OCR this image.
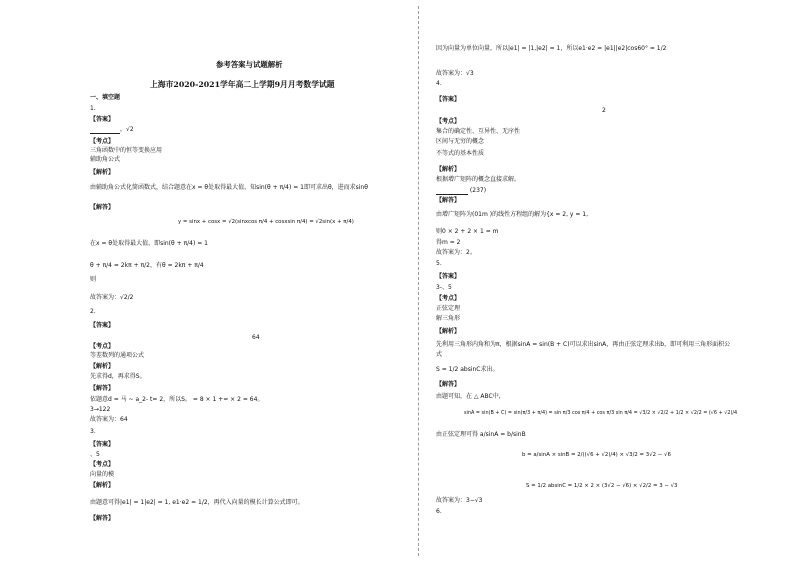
参考答案与试题解析
上海市2020-2021学年高二上学期9月月考数学试题
一、填空题
1.
【答案】
，√2
【考点】
三角函数中的恒等变换应用
辅助角公式
【解析】
由辅助角公式化简函数式，结合题意在x = θ处取得最大值，知sin(θ + π/4) = 1即可求出θ，进而求sinθ
【解答】
y = sinx + cosx = √2(sinxcos π/4 + cosxsin π/4) = √2sin(x + π/4)
在x = θ处取得最大值，即sin(θ + π/4) = 1
θ + π/4 = 2kπ + π/2，有θ = 2kπ + π/4
则
故答案为：√2/2
2.
【答案】
64
【考点】
等差数列的通项公式
【解析】
先求得d，再求得S。
【解答】
依题意d = 马 ~ a_2- t= 2，所以S。 = 8 × 1 += × 2 = 64。
3→122
故答案为：64
3.
【答案】
、5
【考点】
向量的模
【解析】
由题意可得|e1| = 1|e2| = 1, e1·e2 = 1/2，再代入向量的模长计算公式即可。
【解答】
因为向量为单位向量，所以|e1| = |1,|e2| = 1，所以e1·e2 = |e1||e2|cos60° = 1/2
故答案为：√3
4.
【答案】
2
【考点】
集合的确定性、互异性、无序性
区间与无穷的概念
不等式的基本性质
【解析】
根据增广矩阵的概念直接求解。
(237)
【解答】
由增广矩阵为(01m )的线性方程组的解为{x = 2, y = 1,
则0 × 2 + 2 × 1 = m
得m = 2
故答案为：2。
5.
【答案】
3-、5
【考点】
正弦定理
解三角形
【解析】
先利用三角形内角和为π，根据sinA = sin(B + C)可以求出sinA，再由正弦定理求出b，即可利用三角形面积公
式
S = 1/2 absinC求出。
【解答】
由题可知，在 △ ABC中，
sinA = sin(B + C) = sin(π/3 + π/4) = sin π/3 cos π/4 + cos π/3 sin π/4 = √3/2 × √2/2 + 1/2 × √2/2 = (√6 + √2)/4
由正弦定理可得 a/sinA = b/sinB
b = a/sinA × sinB = 2/((√6 + √2)/4) × √3/2 = 3√2 − √6
S = 1/2 absinC = 1/2 × 2 × (3√2 − √6) × √2/2 = 3 − √3
故答案为：3−√3
6.
